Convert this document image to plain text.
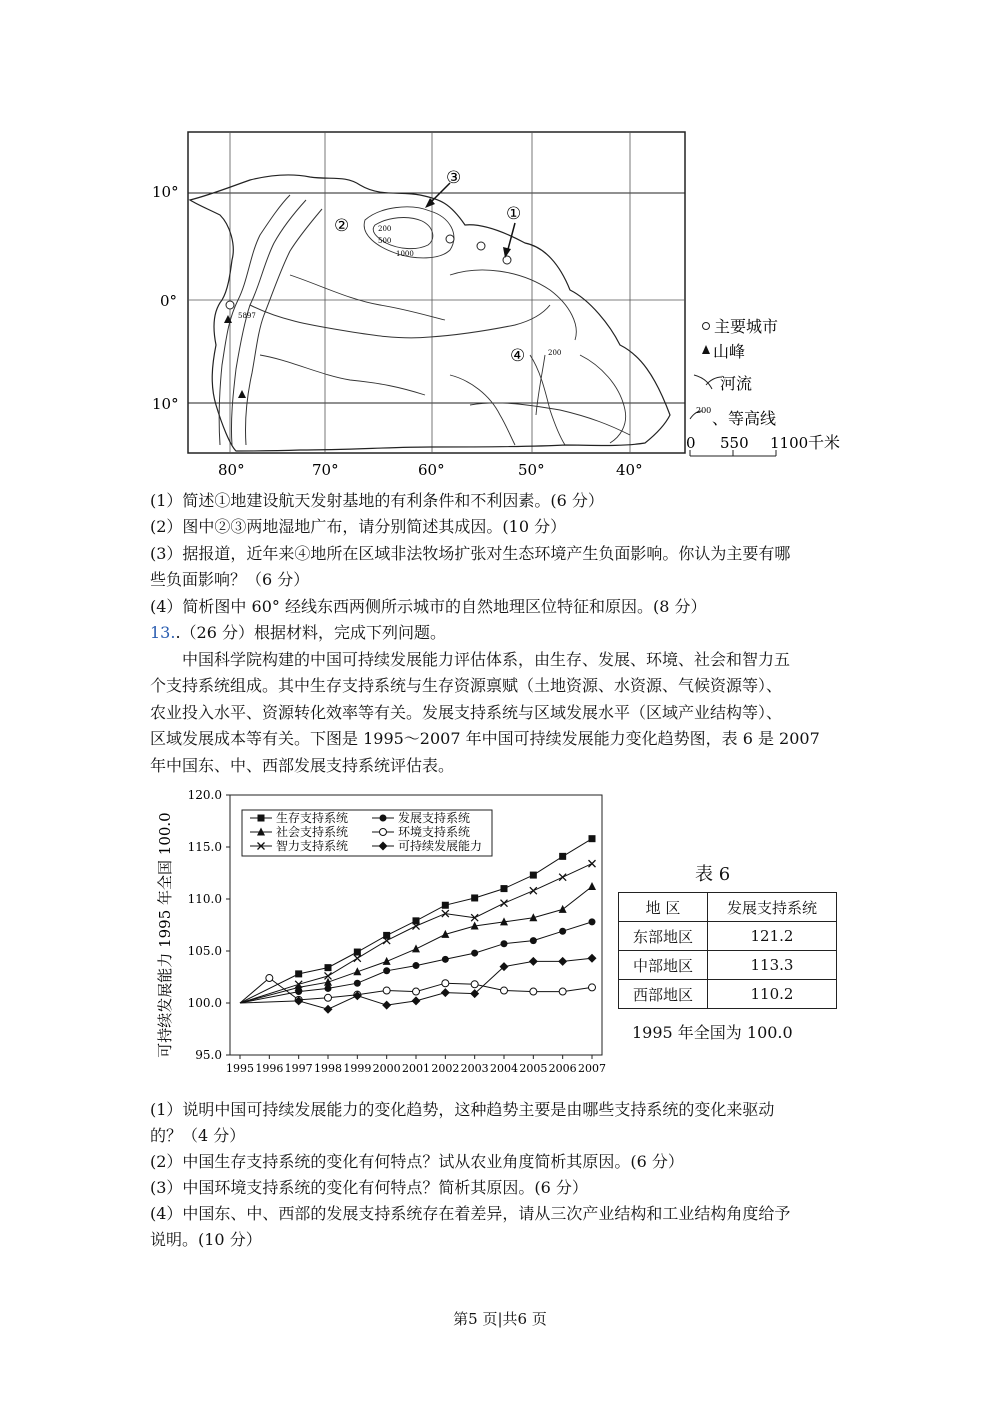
10°
0°
10°
80°	70°	60°	50°	40°
③
①
②
④
200
500
1000
200
5897
主要城市
山峰
河流
200 、等高线
0 550 1100 千米
(1）简述①地建设航天发射基地的有利条件和不利因素。(6 分）
(2）图中②③两地湿地广布，请分别简述其成因。(10 分）
(3）据报道，近年来④地所在区域非法牧场扩张对生态环境产生负面影响。你认为主要有哪
些负面影响？（6 分）
(4）简析图中 60° 经线东西两侧所示城市的自然地理区位特征和原因。(8 分）
13..（26 分）根据材料，完成下列问题。
中国科学院构建的中国可持续发展能力评估体系，由生存、发展、环境、社会和智力五
个支持系统组成。其中生存支持系统与生存资源禀赋（土地资源、水资源、气候资源等）、
农业投入水平、资源转化效率等有关。发展支持系统与区域发展水平（区域产业结构等）、
区域发展成本等有关。下图是 1995～2007 年中国可持续发展能力变化趋势图，表 6 是 2007
年中国东、中、西部发展支持系统评估表。
可持续发展能力 1995 年全国 100.0 95.0
100.0
105.0
110.0
115.0
120.0
1995 1996 1997 1998 1999 2000 2001 2002 2003 2004 2005 2006 2007
生存支持系统
社会支持系统
智力支持系统
发展支持系统
环境支持系统
可持续发展能力
表 6
地 区	发展支持系统
东部地区	121.2
中部地区	113.3
西部地区	110.2
1995 年全国为 100.0
(1）说明中国可持续发展能力的变化趋势，这种趋势主要是由哪些支持系统的变化来驱动
的？（4 分）
(2）中国生存支持系统的变化有何特点？试从农业角度简析其原因。(6 分）
(3）中国环境支持系统的变化有何特点？简析其原因。(6 分）
(4）中国东、中、西部的发展支持系统存在着差异，请从三次产业结构和工业结构角度给予
说明。(10 分）
第5 页|共6 页
